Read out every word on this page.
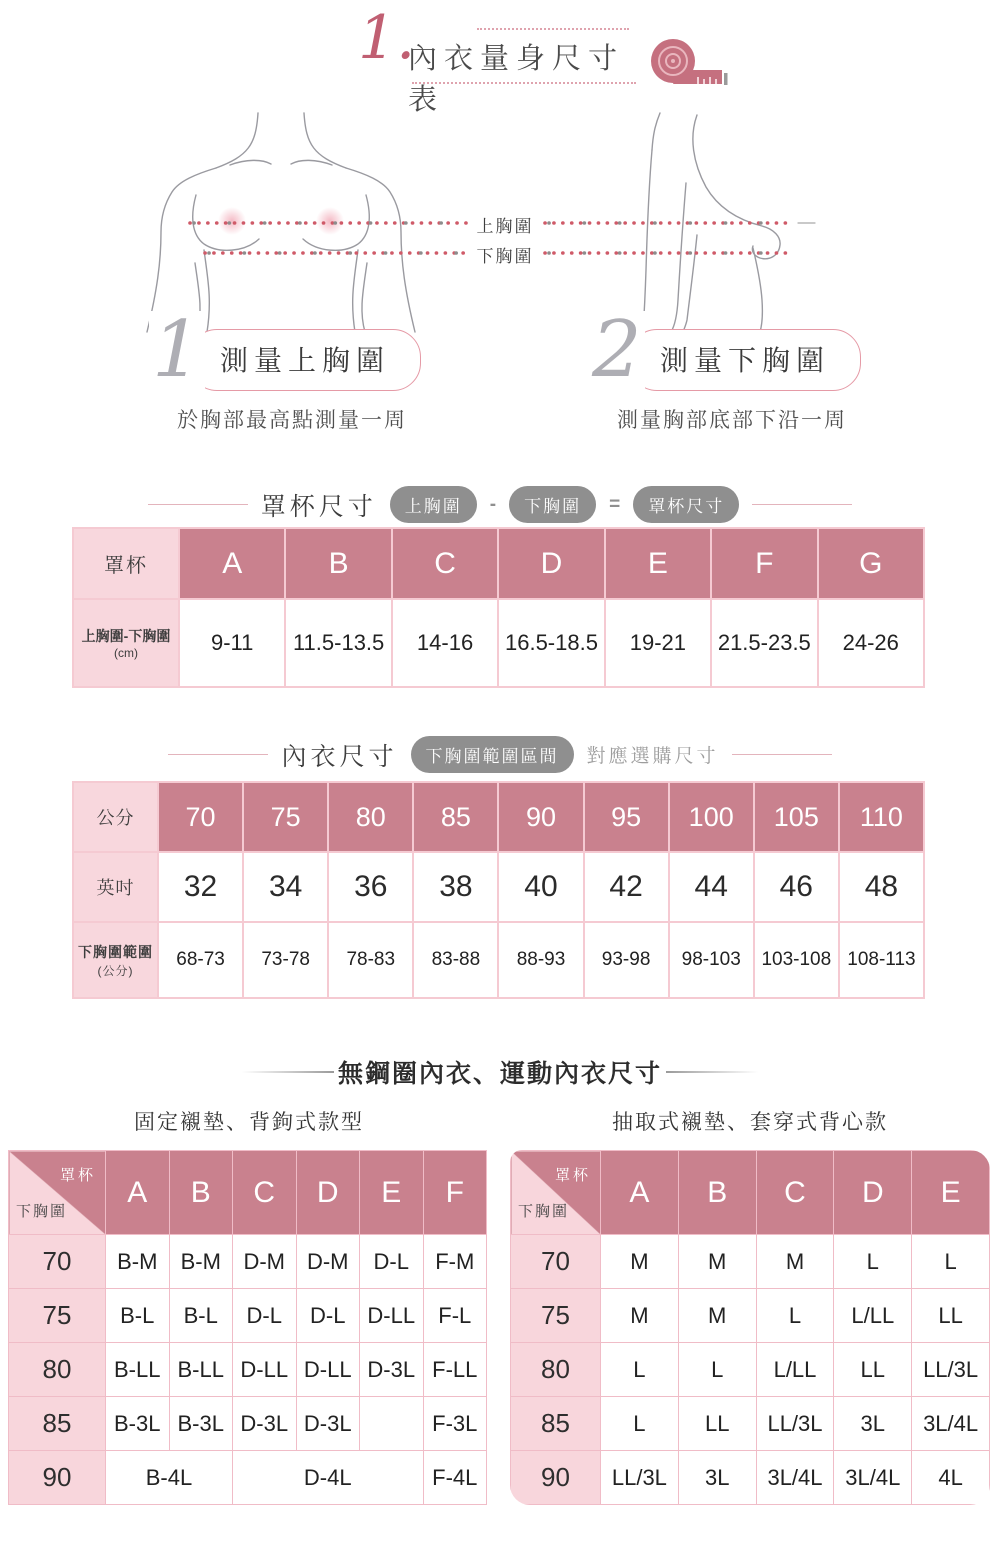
1.
內衣量身尺寸表
上胸圍
下胸圍
1 測量上胸圍
於胸部最高點測量一周
2 測量下胸圍
測量胸部底部下沿一周
罩杯尺寸	上胸圍	-	下胸圍	=	罩杯尺寸
罩杯	A	B	C	D	E	F	G

上胸圍-下胸圍
(cm)	9-11	11.5-13.5	14-16	16.5-18.5	19-21	21.5-23.5	24-26
內衣尺寸	下胸圍範圍區間	對應選購尺寸
公分	70	75	80	85	90	95	100	105	110
英吋	32	34	36	38	40	42	44	46	48

下胸圍範圍
(公分)	68-73	73-78	78-83	83-88	88-93	93-98	98-103	103-108	108-113
無鋼圈內衣、運動內衣尺寸
固定襯墊、背鉤式款型	抽取式襯墊、套穿式背心款
罩杯
下胸圍	A	B	C	D	E	F
70	B-M	B-M	D-M	D-M	D-L	F-M
75	B-L	B-L	D-L	D-L	D-LL	F-L
80	B-LL	B-LL	D-LL	D-LL	D-3L	F-LL
85	B-3L	B-3L	D-3L	D-3L		F-3L
90	B-4L		D-4L			F-4L
罩杯
下胸圍	A	B	C	D	E
70	M	M	M	L	L
75	M	M	L	L/LL	LL
80	L	L	L/LL	LL	LL/3L
85	L	LL	LL/3L	3L	3L/4L
90	LL/3L	3L	3L/4L	3L/4L	4L
